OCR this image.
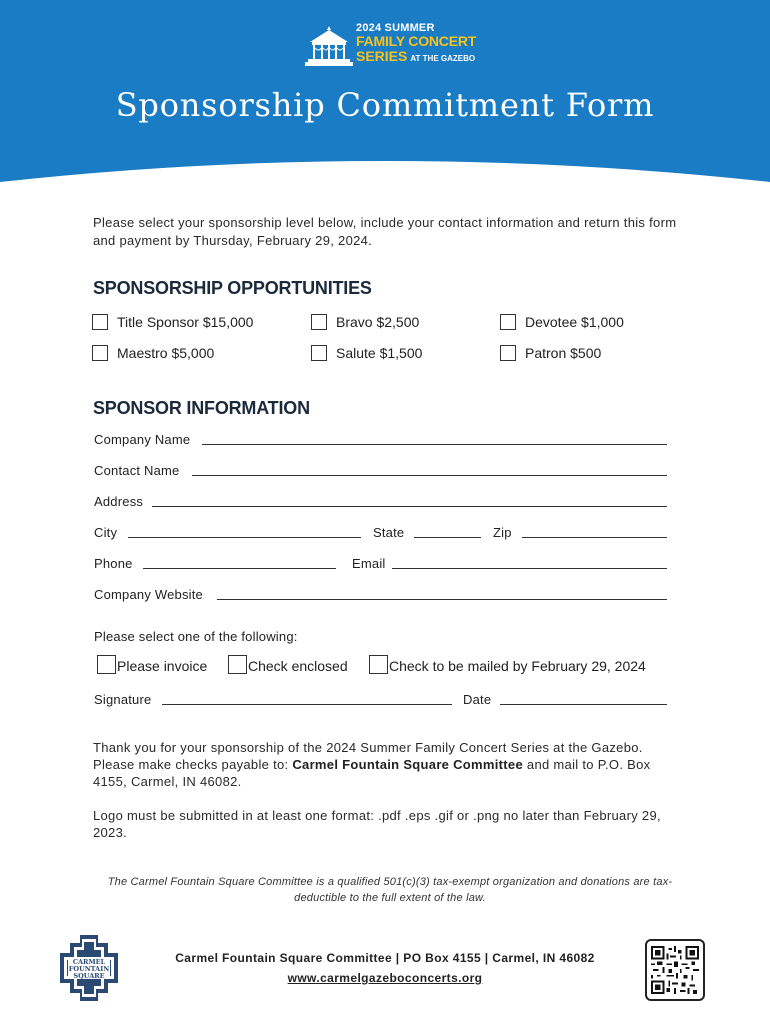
2024 SUMMER
FAMILY CONCERT
SERIES AT THE GAZEBO
Sponsorship Commitment Form

Please select your sponsorship level below, include your contact information and return this form and payment by Thursday, February 29, 2024.

SPONSORSHIP OPPORTUNITIES
Title Sponsor $15,000	Bravo $2,500	Devotee $1,000
Maestro $5,000	Salute $1,500	Patron $500
SPONSOR INFORMATION
Company Name
Contact Name
Address
City	State	Zip
Phone	Email
Company Website
Please select one of the following:
Please invoice	Check enclosed	Check to be mailed by February 29, 2024
Signature	Date

Thank you for your sponsorship of the 2024 Summer Family Concert Series at the Gazebo. Please make checks payable to: Carmel Fountain Square Committee and mail to P.O. Box 4155, Carmel, IN 46082.

Logo must be submitted in at least one format: .pdf .eps .gif or .png no later than February 29, 2023.

The Carmel Fountain Square Committee is a qualified 501(c)(3) tax-exempt organization and donations are tax-deductible to the full extent of the law.

CARMEL
FOUNTAIN
SQUARE
Carmel Fountain Square Committee | PO Box 4155 | Carmel, IN 46082
www.carmelgazeboconcerts.org
